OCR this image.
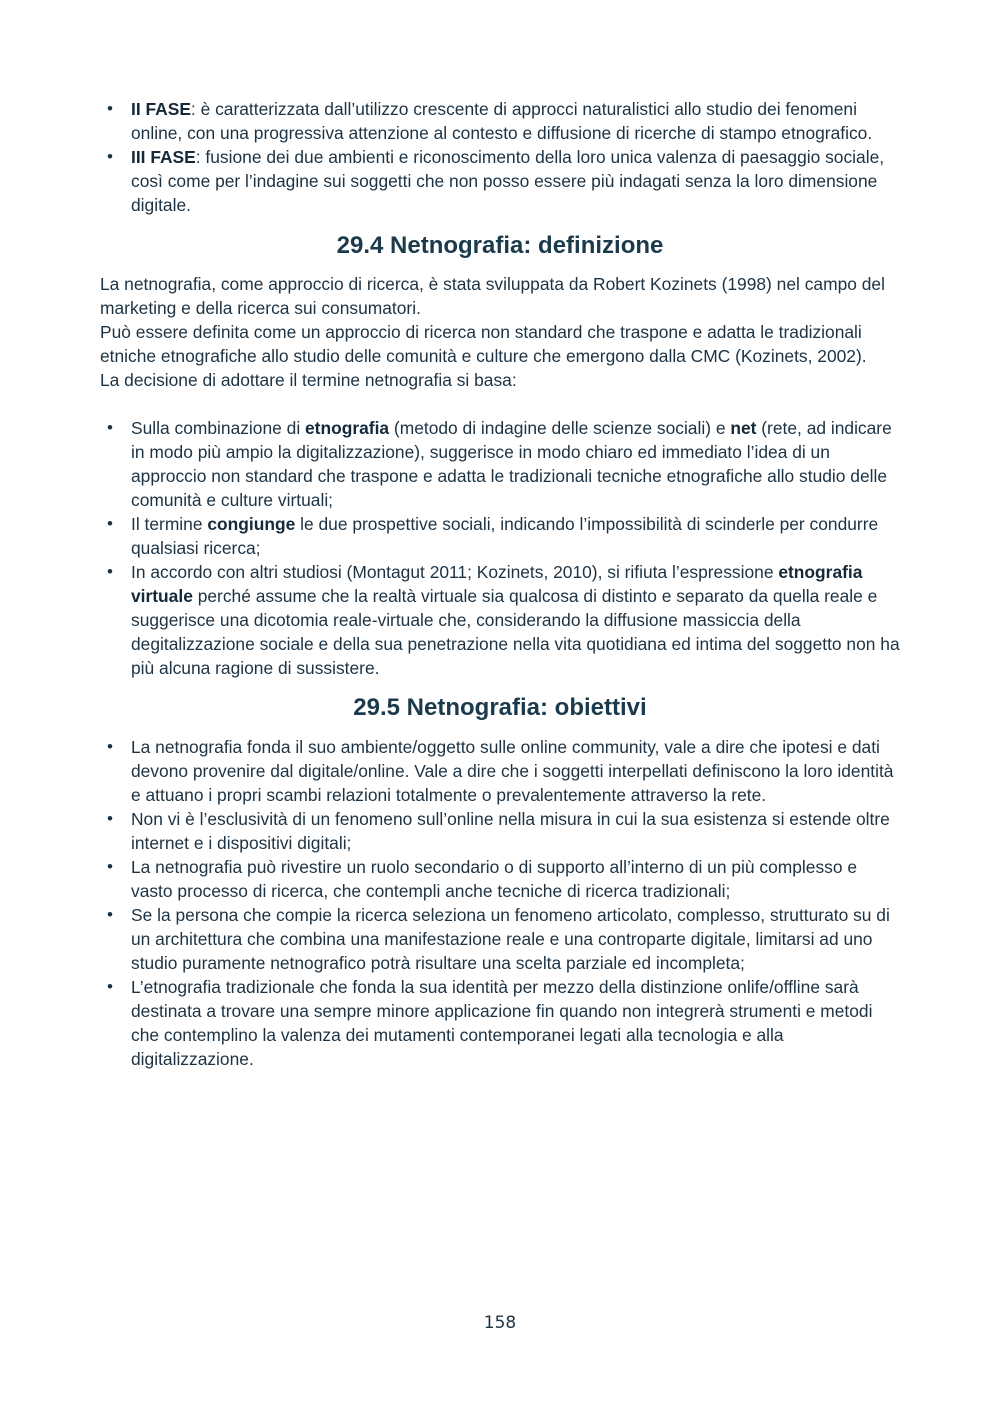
• II FASE: è caratterizzata dall’utilizzo crescente di approcci naturalistici allo studio dei fenomeni online, con una progressiva attenzione al contesto e diffusione di ricerche di stampo etnografico.
• III FASE: fusione dei due ambienti e riconoscimento della loro unica valenza di paesaggio sociale, così come per l’indagine sui soggetti che non posso essere più indagati senza la loro dimensione digitale.
29.4 Netnografia: definizione

La netnografia, come approccio di ricerca, è stata sviluppata da Robert Kozinets (1998) nel campo del marketing e della ricerca sui consumatori.

Può essere definita come un approccio di ricerca non standard che traspone e adatta le tradizionali etniche etnografiche allo studio delle comunità e culture che emergono dalla CMC (Kozinets, 2002).

La decisione di adottare il termine netnografia si basa:

• Sulla combinazione di etnografia (metodo di indagine delle scienze sociali) e net (rete, ad indicare in modo più ampio la digitalizzazione), suggerisce in modo chiaro ed immediato l’idea di un approccio non standard che traspone e adatta le tradizionali tecniche etnografiche allo studio delle comunità e culture virtuali;
• Il termine congiunge le due prospettive sociali, indicando l’impossibilità di scinderle per condurre qualsiasi ricerca;
• In accordo con altri studiosi (Montagut 2011; Kozinets, 2010), si rifiuta l’espressione etnografia virtuale perché assume che la realtà virtuale sia qualcosa di distinto e separato da quella reale e suggerisce una dicotomia reale-virtuale che, considerando la diffusione massiccia della degitalizzazione sociale e della sua penetrazione nella vita quotidiana ed intima del soggetto non ha più alcuna ragione di sussistere.
29.5 Netnografia: obiettivi
• La netnografia fonda il suo ambiente/oggetto sulle online community, vale a dire che ipotesi e dati devono provenire dal digitale/online. Vale a dire che i soggetti interpellati definiscono la loro identità e attuano i propri scambi relazioni totalmente o prevalentemente attraverso la rete.
• Non vi è l’esclusività di un fenomeno sull’online nella misura in cui la sua esistenza si estende oltre internet e i dispositivi digitali;
• La netnografia può rivestire un ruolo secondario o di supporto all’interno di un più complesso e vasto processo di ricerca, che contempli anche tecniche di ricerca tradizionali;
• Se la persona che compie la ricerca seleziona un fenomeno articolato, complesso, strutturato su di un architettura che combina una manifestazione reale e una controparte digitale, limitarsi ad uno studio puramente netnografico potrà risultare una scelta parziale ed incompleta;
• L’etnografia tradizionale che fonda la sua identità per mezzo della distinzione onlife/offline sarà destinata a trovare una sempre minore applicazione fin quando non integrerà strumenti e metodi che contemplino la valenza dei mutamenti contemporanei legati alla tecnologia e alla digitalizzazione.
158
